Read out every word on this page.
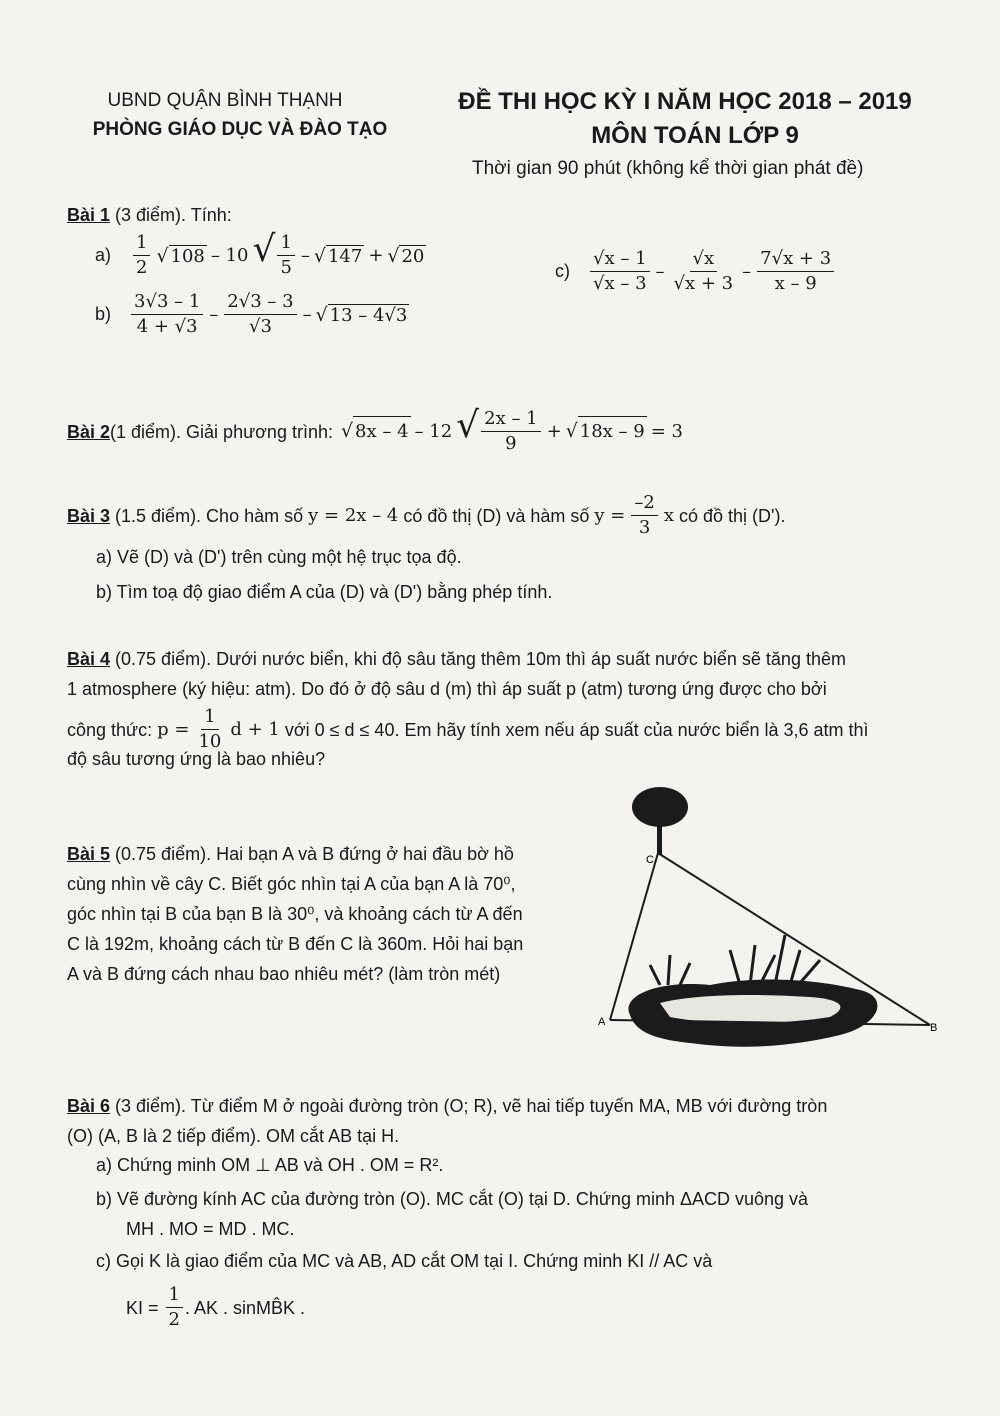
UBND QUẬN BÌNH THẠNH
PHÒNG GIÁO DỤC VÀ ĐÀO TẠO
ĐỀ THI HỌC KỲ I NĂM HỌC 2018 – 2019
MÔN TOÁN LỚP 9
Thời gian 90 phút (không kể thời gian phát đề)
Bài 1 (3 điểm). Tính:
$a) \frac{1}{2}$ √ 108 – 10 √ $\frac{1}{5}$ – √ 147 + √ 20
$b) \frac{3√3 - 1}{4 + √3} - \frac{2√3 - 3}{√3}$ – √ 13 – 4√3
$c) \frac{√x - 1}{√x - 3} - \frac{√x}{√x + 3} - \frac{7√x + 3}{x - 9}$
Bài 2 (1 điểm). Giải phương trình: √ 8x – 4 – 12 √ $\frac{2x - 1}{9}$ + √ 18x – 9 = 3
Bài 3 (1.5 điểm). Cho hàm số y = 2x – 4 có đồ thị (D) và hàm số $y = \frac{-2}{3}$ x có đồ thị (D').
a) Vẽ (D) và (D') trên cùng một hệ trục tọa độ.
b) Tìm toạ độ giao điểm A của (D) và (D') bằng phép tính.
Bài 4 (0.75 điểm). Dưới nước biển, khi độ sâu tăng thêm 10m thì áp suất nước biển sẽ tăng thêm
1 atmosphere (ký hiệu: atm). Do đó ở độ sâu d (m) thì áp suất p (atm) tương ứng được cho bởi
công thức: $p = \frac{1}{10}$ d + 1 với 0 ≤ d ≤ 40. Em hãy tính xem nếu áp suất của nước biển là 3,6 atm thì
độ sâu tương ứng là bao nhiêu?
Bài 5 (0.75 điểm). Hai bạn A và B đứng ở hai đầu bờ hồ
cùng nhìn về cây C. Biết góc nhìn tại A của bạn A là 70⁰,
góc nhìn tại B của bạn B là 30⁰, và khoảng cách từ A đến
C là 192m, khoảng cách từ B đến C là 360m. Hỏi hai bạn
A và B đứng cách nhau bao nhiêu mét? (làm tròn mét)
C
A	B
Bài 6 (3 điểm). Từ điểm M ở ngoài đường tròn (O; R), vẽ hai tiếp tuyến MA, MB với đường tròn
(O) (A, B là 2 tiếp điểm). OM cắt AB tại H.
a) Chứng minh OM ⊥ AB và OH . OM = R².
b) Vẽ đường kính AC của đường tròn (O). MC cắt (O) tại D. Chứng minh ΔACD vuông và
MH . MO = MD . MC.
c) Gọi K là giao điểm của MC và AB, AD cắt OM tại I. Chứng minh KI // AC và
KI = $\frac{1}{2}$ . AK . sinMB̂K .
